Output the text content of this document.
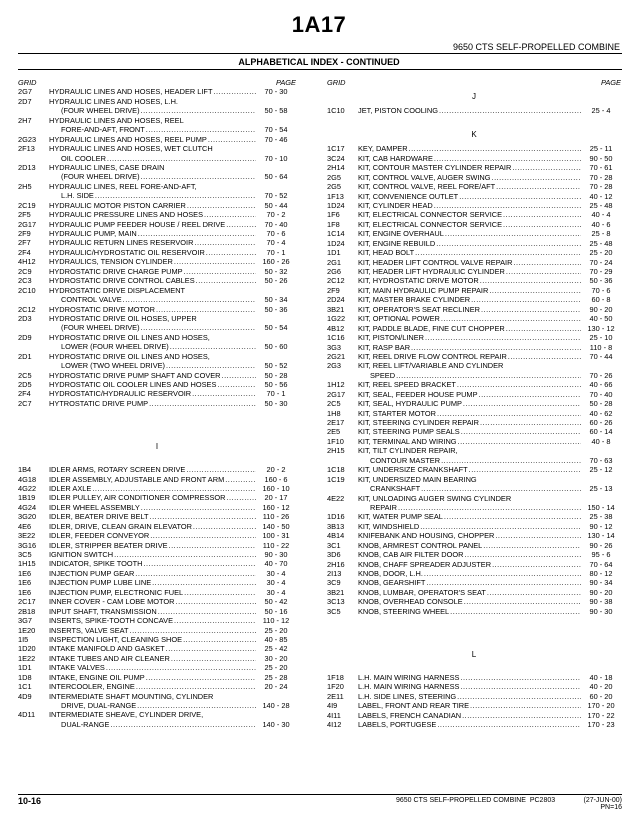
1A17
9650 CTS SELF-PROPELLED COMBINE
ALPHABETICAL INDEX - CONTINUED
GRID	PAGE
2G7	HYDRAULIC LINES AND HOSES, HEADER LIFT .....	70 - 30
2D7	HYDRAULIC LINES AND HOSES, L.H.
(FOUR WHEEL DRIVE) .....	50 - 58
2H7	HYDRAULIC LINES AND HOSES, REEL
FORE-AND-AFT, FRONT .....	70 - 54
2G23	HYDRAULIC LINES AND HOSES, REEL PUMP .....	70 - 46
2F13	HYDRAULIC LINES AND HOSES, WET CLUTCH
OIL COOLER .....	70 - 10
2D13	HYDRAULIC LINES, CASE DRAIN
(FOUR WHEEL DRIVE) .....	50 - 64
2H5	HYDRAULIC LINES, REEL FORE-AND-AFT,
L.H. SIDE .....	70 - 52
2C19	HYDRAULIC MOTOR PISTON CARRIER .....	50 - 44
2F5	HYDRAULIC PRESSURE LINES AND HOSES .....	70 - 2
2G17	HYDRAULIC PUMP FEEDER HOUSE / REEL DRIVE .....	70 - 40
2F9	HYDRAULIC PUMP, MAIN .....	70 - 6
2F7	HYDRAULIC RETURN LINES RESERVOIR .....	70 - 4
2F4	HYDRAULIC/HYDROSTATIC OIL RESERVOIR .....	70 - 1
4H12	HYDRAULICS, TENSION CYLINDER .....	160 - 26
2C9	HYDROSTATIC DRIVE CHARGE PUMP .....	50 - 32
2C3	HYDROSTATIC DRIVE CONTROL CABLES .....	50 - 26
2C10	HYDROSTATIC DRIVE DISPLACEMENT
CONTROL VALVE .....	50 - 34
2C12	HYDROSTATIC DRIVE MOTOR .....	50 - 36
2D3	HYDROSTATIC DRIVE OIL HOSES, UPPER
(FOUR WHEEL DRIVE) .....	50 - 54
2D9	HYDROSTATIC DRIVE OIL LINES AND HOSES,
LOWER (FOUR WHEEL DRIVE) .....	50 - 60
2D1	HYDROSTATIC DRIVE OIL LINES AND HOSES,
LOWER (TWO WHEEL DRIVE) .....	50 - 52
2C5	HYDROSTATIC DRIVE PUMP SHAFT AND COVER .....	50 - 28
2D5	HYDROSTATIC OIL COOLER LINES AND HOSES .....	50 - 56
2F4	HYDROSTATIC/HYDRAULIC RESERVOIR .....	70 - 1
2C7	HYTROSTATIC DRIVE PUMP .....	50 - 30
I
1B4	IDLER ARMS, ROTARY SCREEN DRIVE .....	20 - 2
4G18	IDLER ASSEMBLY, ADJUSTABLE AND FRONT ARM .....	160 - 6
4G22	IDLER AXLE .....	160 - 10
1B19	IDLER PULLEY, AIR CONDITIONER COMPRESSOR .....	20 - 17
4G24	IDLER WHEEL ASSEMBLY .....	160 - 12
3G20	IDLER, BEATER DRIVE BELT .....	110 - 26
4E6	IDLER, DRIVE, CLEAN GRAIN ELEVATOR .....	140 - 50
3E22	IDLER, FEEDER CONVEYOR .....	100 - 31
3G16	IDLER, STRIPPER BEATER DRIVE .....	110 - 22
3C5	IGNITION SWITCH .....	90 - 30
1H15	INDICATOR, SPIKE TOOTH .....	40 - 70
1E6	INJECTION PUMP GEAR .....	30 - 4
1E6	INJECTION PUMP LUBE LINE .....	30 - 4
1E6	INJECTION PUMP, ELECTRONIC FUEL .....	30 - 4
2C17	INNER COVER - CAM LOBE MOTOR .....	50 - 42
2B18	INPUT SHAFT, TRANSMISSION .....	50 - 16
3G7	INSERTS, SPIKE-TOOTH CONCAVE .....	110 - 12
1E20	INSERTS, VALVE SEAT .....	25 - 20
1I5	INSPECTION LIGHT, CLEANING SHOE .....	40 - 85
1D20	INTAKE MANIFOLD AND GASKET .....	25 - 42
1E22	INTAKE TUBES AND AIR CLEANER .....	30 - 20
1D1	INTAKE VALVES .....	25 - 20
1D8	INTAKE, ENGINE OIL PUMP .....	25 - 28
1C1	INTERCOOLER, ENGINE .....	20 - 24
4D9	INTERMEDIATE SHAFT MOUNTING, CYLINDER
DRIVE, DUAL-RANGE .....	140 - 28
4D11	INTERMEDIATE SHEAVE, CYLINDER DRIVE,
DUAL-RANGE .....	140 - 30
GRID	PAGE
J
1C10	JET, PISTON COOLING .....	25 - 4
K
1C17	KEY, DAMPER .....	25 - 11
3C24	KIT, CAB HARDWARE .....	90 - 50
2H14	KIT, CONTOUR MASTER CYLINDER REPAIR .....	70 - 61
2G5	KIT, CONTROL VALVE, AUGER SWING .....	70 - 28
2G5	KIT, CONTROL VALVE, REEL FORE/AFT .....	70 - 28
1F13	KIT, CONVENIENCE OUTLET .....	40 - 12
1D24	KIT, CYLINDER HEAD .....	25 - 48
1F6	KIT, ELECTRICAL CONNECTOR SERVICE .....	40 - 4
1F8	KIT, ELECTRICAL CONNECTOR SERVICE .....	40 - 6
1C14	KIT, ENGINE OVERHAUL .....	25 - 8
1D24	KIT, ENGINE REBUILD .....	25 - 48
1D1	KIT, HEAD BOLT .....	25 - 20
2G1	KIT, HEADER LIFT CONTROL VALVE REPAIR .....	70 - 24
2G6	KIT, HEADER LIFT HYDRAULIC CYLINDER .....	70 - 29
2C12	KIT, HYDROSTATIC DRIVE MOTOR .....	50 - 36
2F9	KIT, MAIN HYDRAULIC PUMP REPAIR .....	70 - 6
2D24	KIT, MASTER BRAKE CYLINDER .....	60 - 8
3B21	KIT, OPERATOR'S SEAT RECLINER .....	90 - 20
1G22	KIT, OPTIONAL POWER .....	40 - 50
4B12	KIT, PADDLE BLADE, FINE CUT CHOPPER .....	130 - 12
1C16	KIT, PISTON/LINER .....	25 - 10
3G3	KIT, RASP BAR .....	110 - 8
2G21	KIT, REEL DRIVE FLOW CONTROL REPAIR .....	70 - 44
2G3	KIT, REEL LIFT/VARIABLE AND CYLINDER
SPEED .....	70 - 26
1H12	KIT, REEL SPEED BRACKET .....	40 - 66
2G17	KIT, SEAL, FEEDER HOUSE PUMP .....	70 - 40
2C5	KIT, SEAL, HYDRAULIC PUMP .....	50 - 28
1H8	KIT, STARTER MOTOR .....	40 - 62
2E17	KIT, STEERING CYLINDER REPAIR .....	60 - 26
2E5	KIT, STEERING PUMP SEALS .....	60 - 14
1F10	KIT, TERMINAL AND WIRING .....	40 - 8
2H15	KIT, TILT CYLINDER REPAIR,
CONTOUR MASTER .....	70 - 63
1C18	KIT, UNDERSIZE CRANKSHAFT .....	25 - 12
1C19	KIT, UNDERSIZED MAIN BEARING
CRANKSHAFT .....	25 - 13
4E22	KIT, UNLOADING AUGER SWING CYLINDER
REPAIR .....	150 - 14
1D16	KIT, WATER PUMP SEAL .....	25 - 38
3B13	KIT, WINDSHIELD .....	90 - 12
4B14	KNIFEBANK AND HOUSING, CHOPPER .....	130 - 14
3C1	KNOB, ARMREST CONTROL PANEL .....	90 - 26
3D6	KNOB, CAB AIR FILTER DOOR .....	95 - 6
2H16	KNOB, CHAFF SPREADER ADJUSTER .....	70 - 64
2I13	KNOB, DOOR, L.H. .....	80 - 12
3C9	KNOB, GEARSHIFT .....	90 - 34
3B21	KNOB, LUMBAR, OPERATOR'S SEAT .....	90 - 20
3C13	KNOB, OVERHEAD CONSOLE .....	90 - 38
3C5	KNOB, STEERING WHEEL .....	90 - 30
L
1F18	L.H. MAIN WIRING HARNESS .....	40 - 18
1F20	L.H. MAIN WIRING HARNESS .....	40 - 20
2E11	L.H. SIDE LINES, STEERING .....	60 - 20
4I9	LABEL, FRONT AND REAR TIRE .....	170 - 20
4I11	LABELS, FRENCH CANADIAN .....	170 - 22
4I12	LABELS, PORTUGESE .....	170 - 23
10-16	9650 CTS SELF-PROPELLED COMBINE PC2803	(27-JUN-00)
PN=16
